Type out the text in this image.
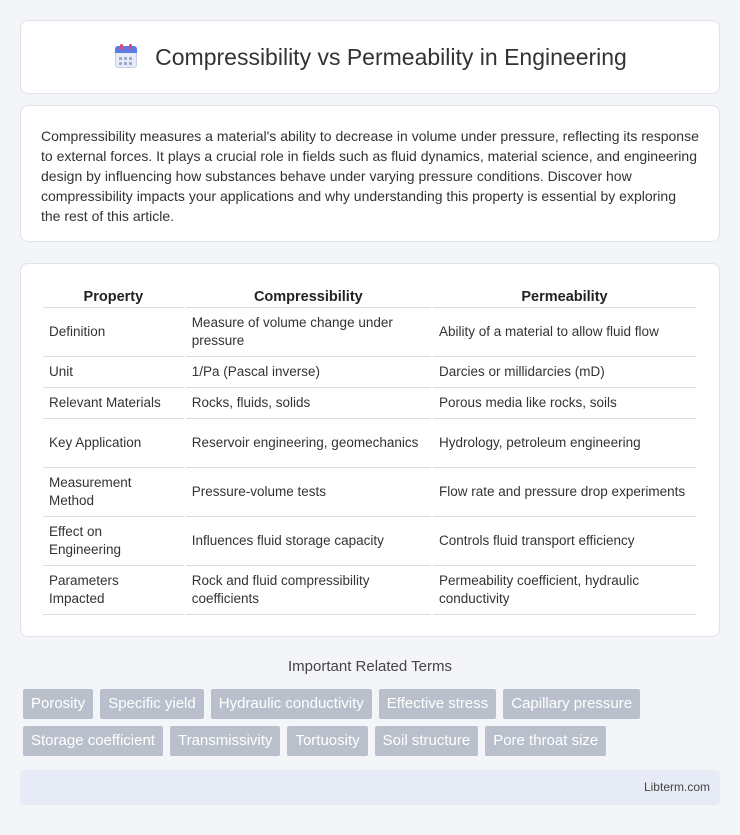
Compressibility vs Permeability in Engineering

Compressibility measures a material's ability to decrease in volume under pressure, reflecting its response to external forces. It plays a crucial role in fields such as fluid dynamics, material science, and engineering design by influencing how substances behave under varying pressure conditions. Discover how compressibility impacts your applications and why understanding this property is essential by exploring the rest of this article.

Property	Compressibility	Permeability
Definition	Measure of volume change under pressure	Ability of a material to allow fluid flow
Unit	1/Pa (Pascal inverse)	Darcies or millidarcies (mD)
Relevant Materials	Rocks, fluids, solids	Porous media like rocks, soils
Key Application	Reservoir engineering, geomechanics	Hydrology, petroleum engineering
Measurement Method	Pressure-volume tests	Flow rate and pressure drop experiments
Effect on Engineering	Influences fluid storage capacity	Controls fluid transport efficiency
Parameters Impacted	Rock and fluid compressibility coefficients	Permeability coefficient, hydraulic conductivity
Important Related Terms
Porosity	Specific yield	Hydraulic conductivity	Effective stress	Capillary pressure
Storage coefficient	Transmissivity	Tortuosity	Soil structure	Pore throat size
Libterm.com
